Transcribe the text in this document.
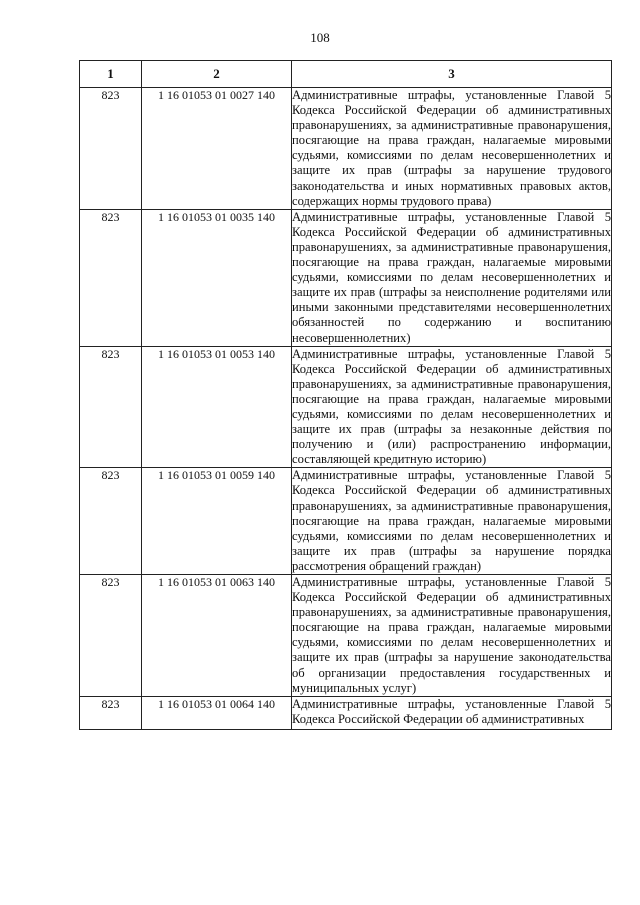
108
1	2	3
823	1 16 01053 01 0027 140	Административные штрафы, установленные Главой 5 Кодекса Российской Федерации об административных правонарушениях, за административные правонарушения, посягающие на права граждан, налагаемые мировыми судьями, комиссиями по делам несовершеннолетних и защите их прав (штрафы за нарушение трудового законодательства и иных нормативных правовых актов, содержащих нормы трудового права)
823	1 16 01053 01 0035 140	Административные штрафы, установленные Главой 5 Кодекса Российской Федерации об административных правонарушениях, за административные правонарушения, посягающие на права граждан, налагаемые мировыми судьями, комиссиями по делам несовершеннолетних и защите их прав (штрафы за неисполнение родителями или иными законными представителями несовершеннолетних обязанностей по содержанию и воспитанию несовершеннолетних)
823	1 16 01053 01 0053 140	Административные штрафы, установленные Главой 5 Кодекса Российской Федерации об административных правонарушениях, за административные правонарушения, посягающие на права граждан, налагаемые мировыми судьями, комиссиями по делам несовершеннолетних и защите их прав (штрафы за незаконные действия по получению и (или) распространению информации, составляющей кредитную историю)
823	1 16 01053 01 0059 140	Административные штрафы, установленные Главой 5 Кодекса Российской Федерации об административных правонарушениях, за административные правонарушения, посягающие на права граждан, налагаемые мировыми судьями, комиссиями по делам несовершеннолетних и защите их прав (штрафы за нарушение порядка рассмотрения обращений граждан)
823	1 16 01053 01 0063 140	Административные штрафы, установленные Главой 5 Кодекса Российской Федерации об административных правонарушениях, за административные правонарушения, посягающие на права граждан, налагаемые мировыми судьями, комиссиями по делам несовершеннолетних и защите их прав (штрафы за нарушение законодательства об организации предоставления государственных и муниципальных услуг)
823	1 16 01053 01 0064 140	Административные штрафы, установленные Главой 5 Кодекса Российской Федерации об административных
